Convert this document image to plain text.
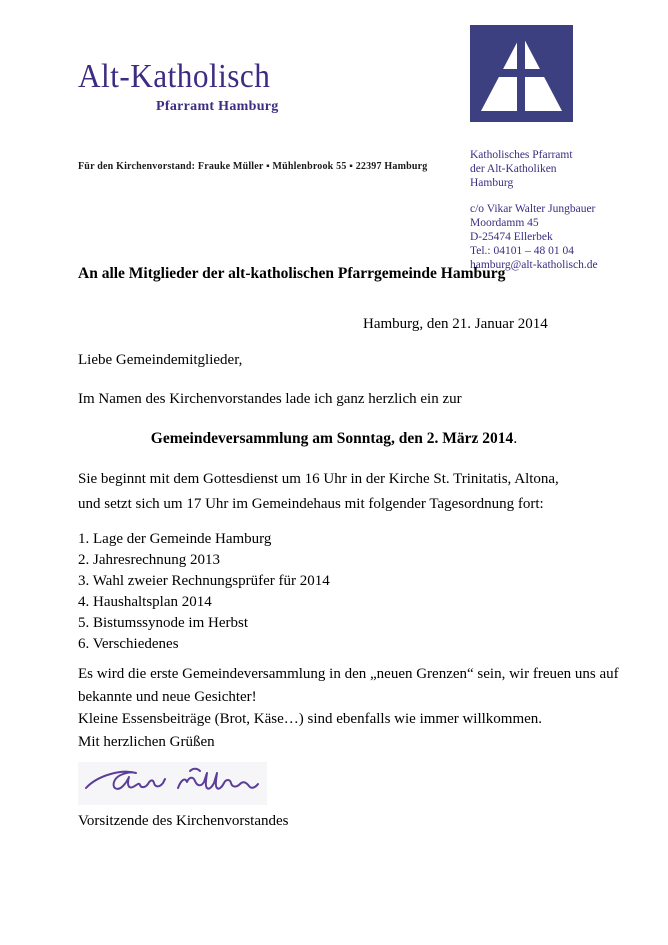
Alt-Katholisch
Pfarramt Hamburg
Für den Kirchenvorstand: Frauke Müller ▪ Mühlenbrook 55 ▪ 22397 Hamburg
Katholisches Pfarramt
der Alt-Katholiken
Hamburg
c/o Vikar Walter Jungbauer
Moordamm 45
D-25474 Ellerbek
Tel.: 04101 – 48 01 04
hamburg@alt-katholisch.de
An alle Mitglieder der alt-katholischen Pfarrgemeinde Hamburg
Hamburg, den 21. Januar 2014
Liebe Gemeindemitglieder,
Im Namen des Kirchenvorstandes lade ich ganz herzlich ein zur
Gemeindeversammlung am Sonntag, den 2. März 2014.
Sie beginnt mit dem Gottesdienst um 16 Uhr in der Kirche St. Trinitatis, Altona,
und setzt sich um 17 Uhr im Gemeindehaus mit folgender Tagesordnung fort:
1. Lage der Gemeinde Hamburg
2. Jahresrechnung 2013
3. Wahl zweier Rechnungsprüfer für 2014
4. Haushaltsplan 2014
5. Bistumssynode im Herbst
6. Verschiedenes
Es wird die erste Gemeindeversammlung in den „neuen Grenzen“ sein, wir freuen uns auf
bekannte und neue Gesichter!
Kleine Essensbeiträge (Brot, Käse…) sind ebenfalls wie immer willkommen.
Mit herzlichen Grüßen
Vorsitzende des Kirchenvorstandes
